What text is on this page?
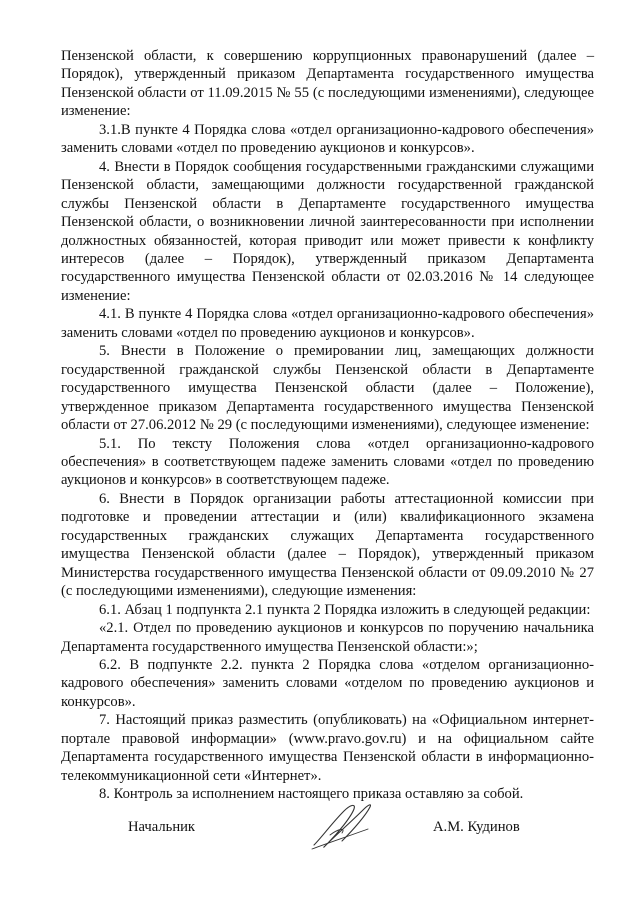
Пензенской области, к совершению коррупционных правонарушений (далее – Порядок), утвержденный приказом Департамента государственного имущества Пензенской области от 11.09.2015 № 55 (с последующими изменениями), следующее изменение:

3.1.В пункте 4 Порядка слова «отдел организационно-кадрового обеспечения» заменить словами «отдел по проведению аукционов и конкурсов».

4. Внести в Порядок сообщения государственными гражданскими служащими Пензенской области, замещающими должности государственной гражданской службы Пензенской области в Департаменте государственного имущества Пензенской области, о возникновении личной заинтересованности при исполнении должностных обязанностей, которая приводит или может привести к конфликту интересов (далее – Порядок), утвержденный приказом Департамента государственного имущества Пензенской области от 02.03.2016 № 14 следующее изменение:

4.1. В пункте 4 Порядка слова «отдел организационно-кадрового обеспечения» заменить словами «отдел по проведению аукционов и конкурсов».

5. Внести в Положение о премировании лиц, замещающих должности государственной гражданской службы Пензенской области в Департаменте государственного имущества Пензенской области (далее – Положение), утвержденное приказом Департамента государственного имущества Пензенской области от 27.06.2012 № 29 (с последующими изменениями), следующее изменение:

5.1. По тексту Положения слова «отдел организационно-кадрового обеспечения» в соответствующем падеже заменить словами «отдел по проведению аукционов и конкурсов» в соответствующем падеже.

6. Внести в Порядок организации работы аттестационной комиссии при подготовке и проведении аттестации и (или) квалификационного экзамена государственных гражданских служащих Департамента государственного имущества Пензенской области (далее – Порядок), утвержденный приказом Министерства государственного имущества Пензенской области от 09.09.2010 № 27 (с последующими изменениями), следующие изменения:

6.1. Абзац 1 подпункта 2.1 пункта 2 Порядка изложить в следующей редакции:

«2.1. Отдел по проведению аукционов и конкурсов по поручению начальника Департамента государственного имущества Пензенской области:»;

6.2. В подпункте 2.2. пункта 2 Порядка слова «отделом организационно-кадрового обеспечения» заменить словами «отделом по проведению аукционов и конкурсов».

7. Настоящий приказ разместить (опубликовать) на «Официальном интернет-портале правовой информации» (www.pravo.gov.ru) и на официальном сайте Департамента государственного имущества Пензенской области в информационно-телекоммуникационной сети «Интернет».

8. Контроль за исполнением настоящего приказа оставляю за собой.

Начальник	А.М. Кудинов
